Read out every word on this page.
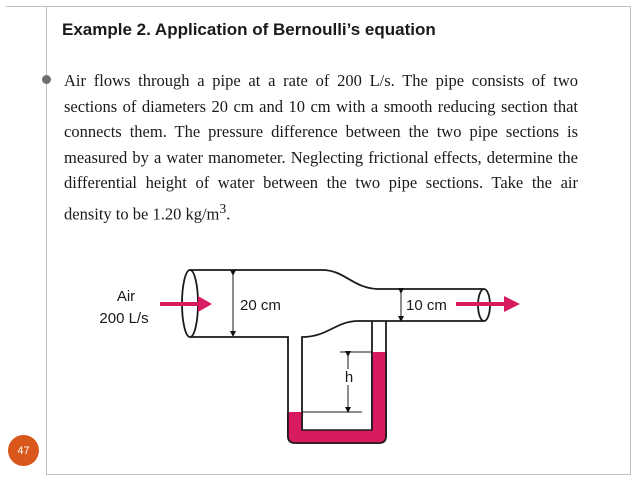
Example 2. Application of Bernoulli’s equation
Air flows through a pipe at a rate of 200 L/s. The pipe consists of two sections of diameters 20 cm and 10 cm with a smooth reducing section that connects them. The pressure difference between the two pipe sections is measured by a water manometer. Neglecting frictional effects, determine the differential height of water between the two pipe sections. Take the air density to be 1.20 $kg/m^3$.
h
20 cm	10 cm
Air
200 L/s
47
